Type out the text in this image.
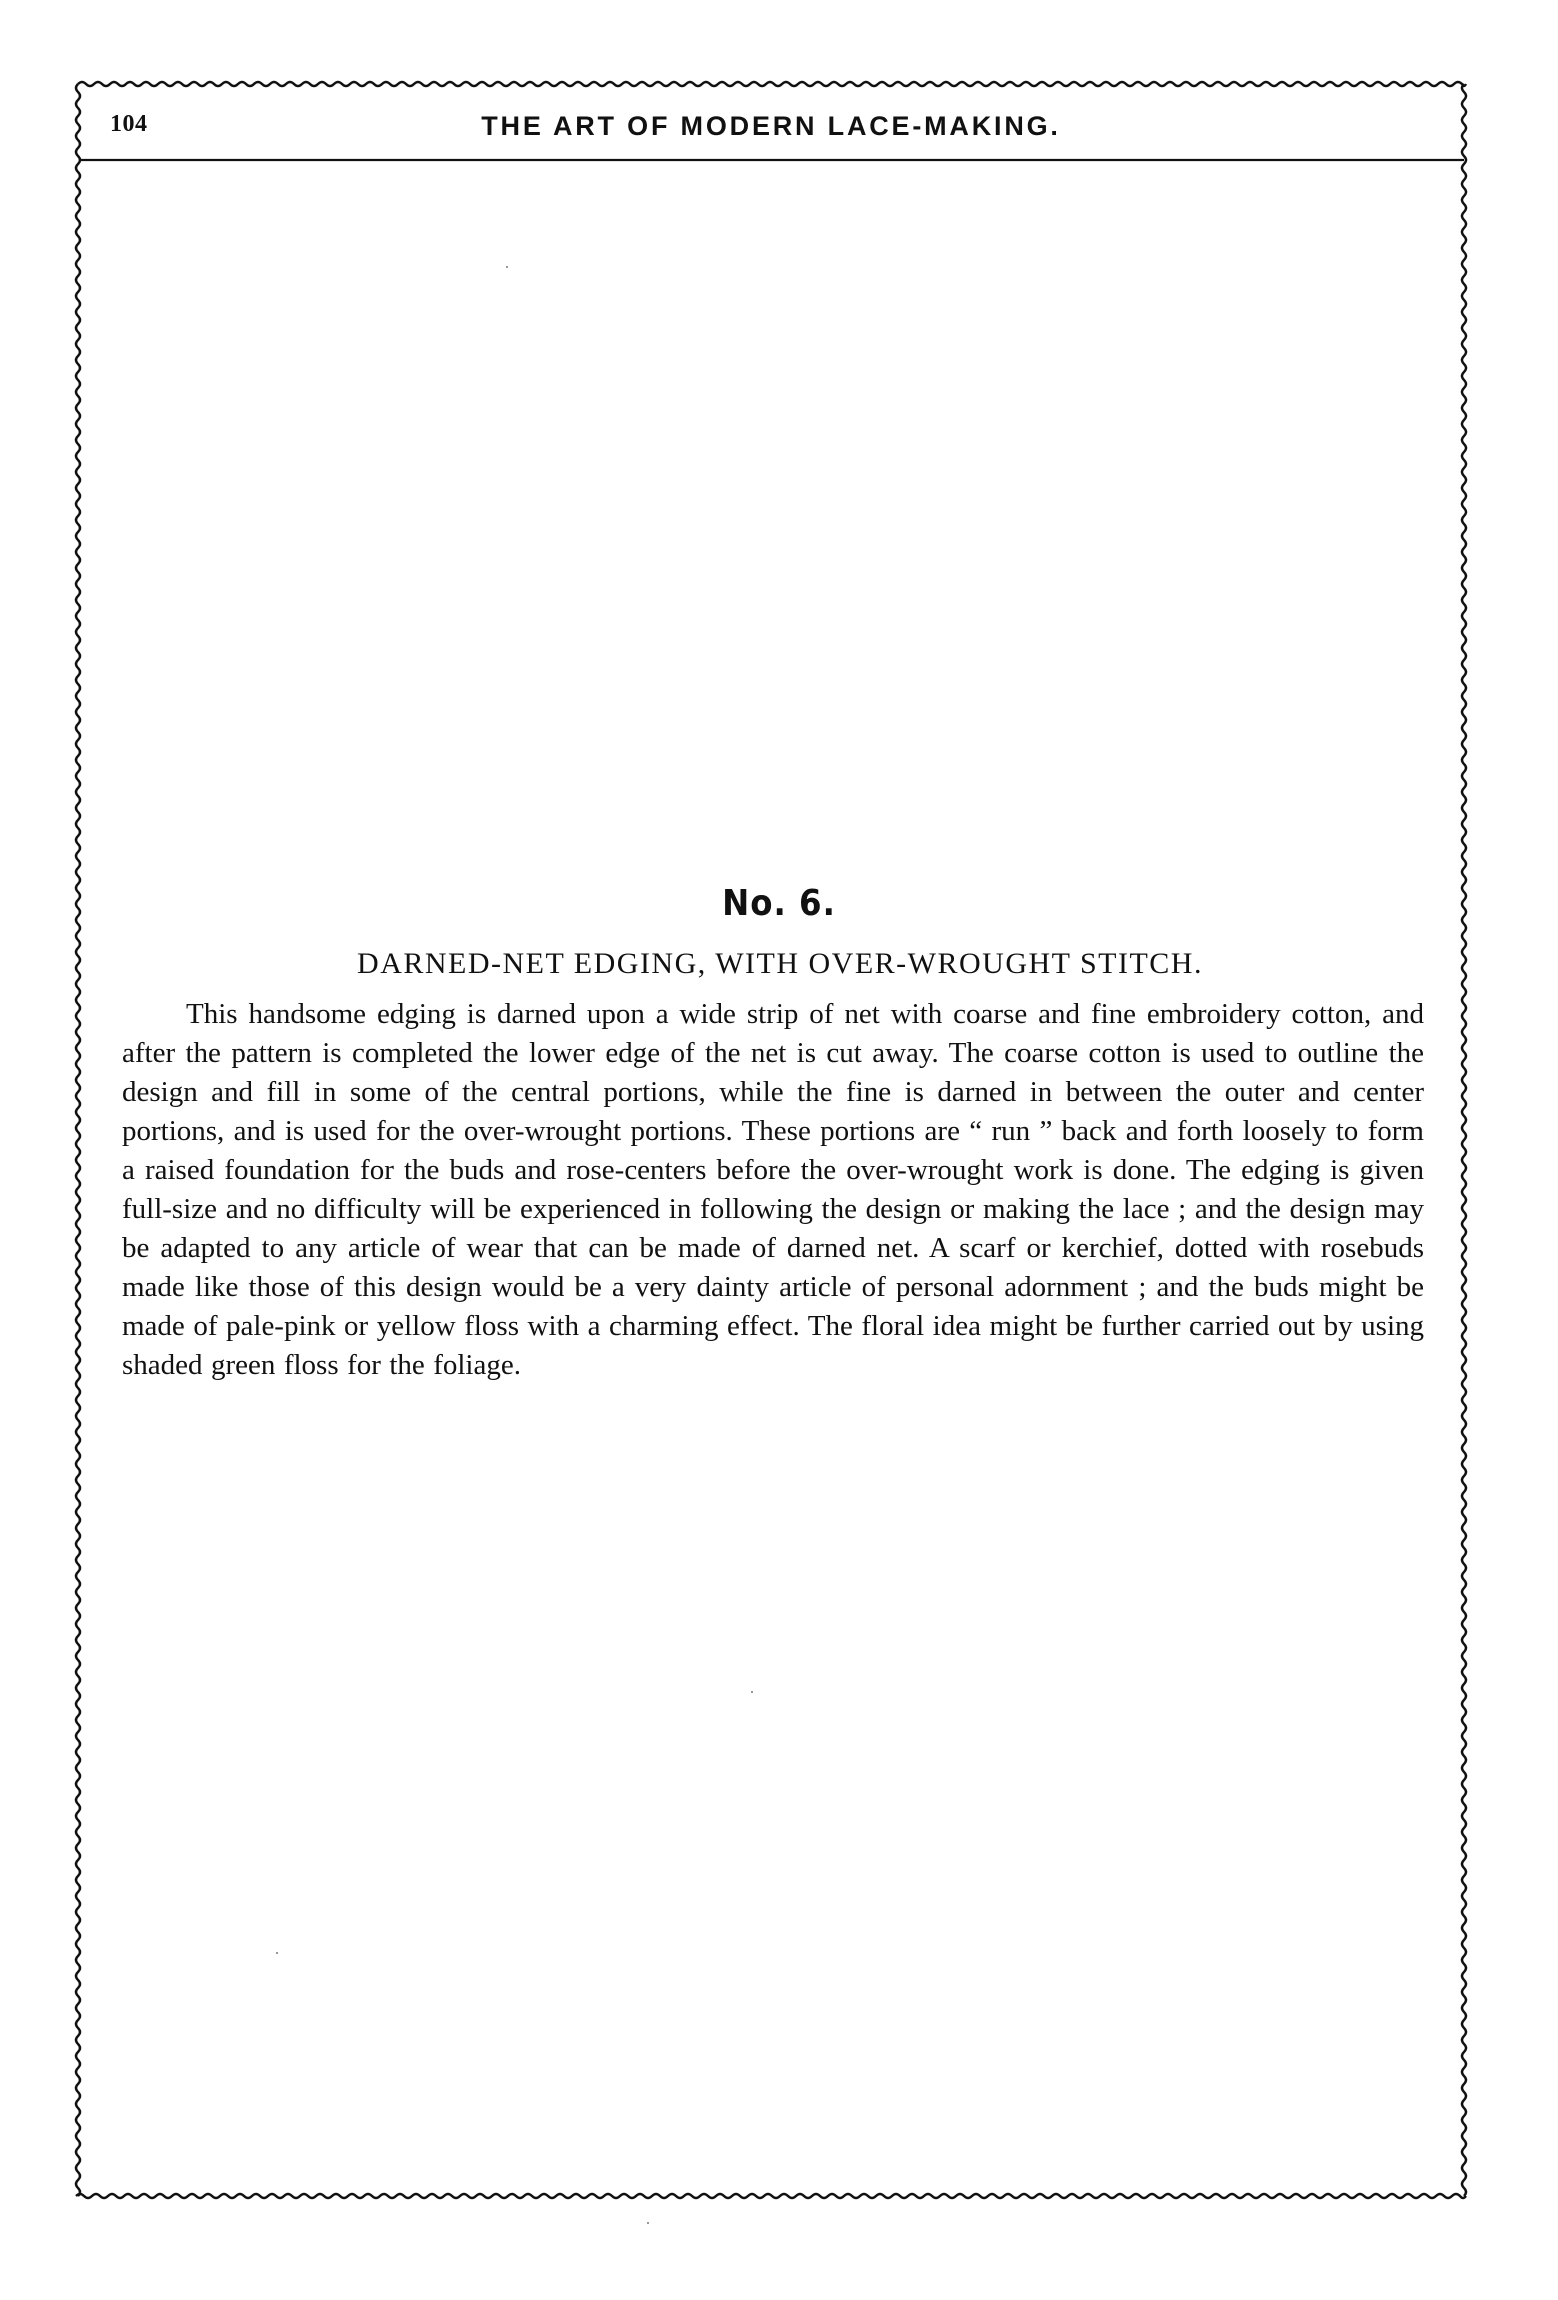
104	THE ART OF MODERN LACE-MAKING.
No. 6.
DARNED-NET EDGING, WITH OVER-WROUGHT STITCH.

This handsome edging is darned upon a wide strip of net with coarse and fine embroidery cotton, and after the pattern is completed the lower edge of the net is cut away. The coarse cotton is used to outline the design and fill in some of the central portions, while the fine is darned in between the outer and center portions, and is used for the over-wrought portions. These portions are “ run ” back and forth loosely to form a raised foundation for the buds and rose-centers before the over-wrought work is done. The edging is given full-size and no difficulty will be experienced in following the design or making the lace ; and the design may be adapted to any article of wear that can be made of darned net. A scarf or kerchief, dotted with rosebuds made like those of this design would be a very dainty article of personal adornment ; and the buds might be made of pale-pink or yellow floss with a charming effect. The floral idea might be further carried out by using shaded green floss for the foliage.
